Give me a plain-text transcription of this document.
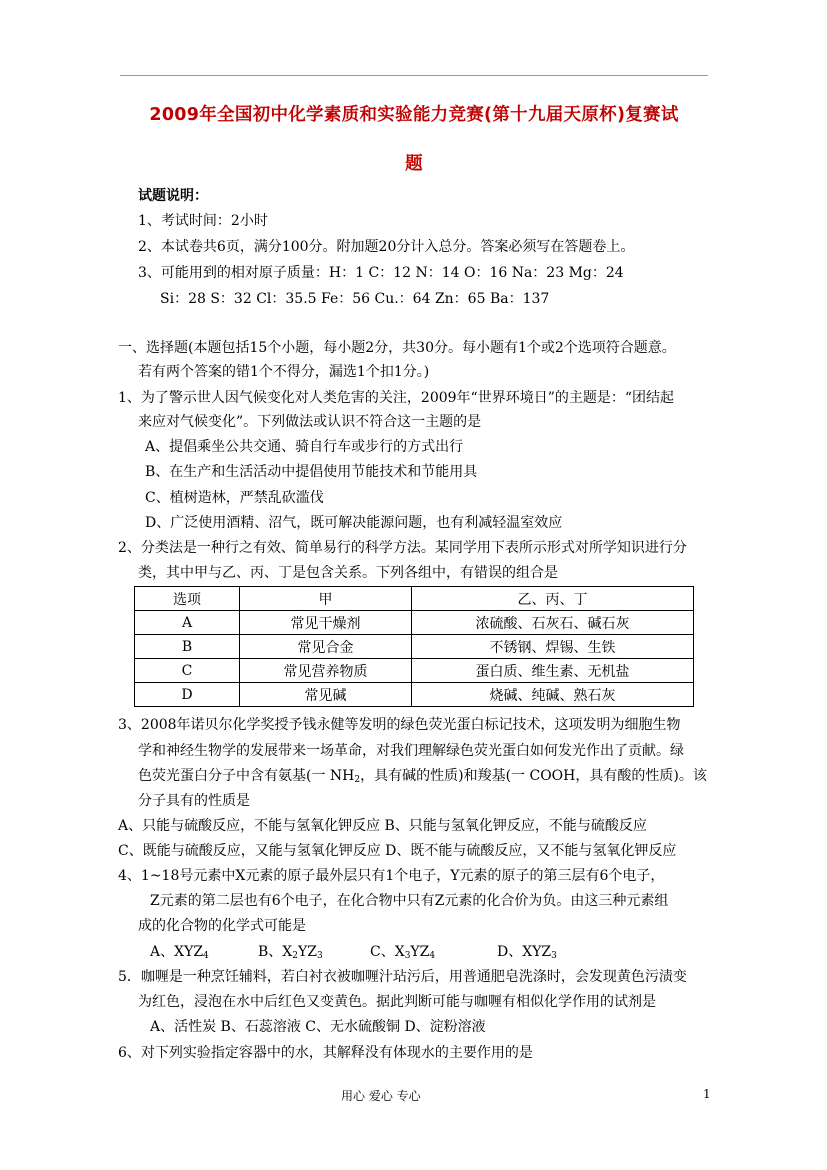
2009年全国初中化学素质和实验能力竞赛(第十九届天原杯)复赛试
题
试题说明：
1、考试时间：2小时
2、本试卷共6页，满分100分。附加题20分计入总分。答案必须写在答题卷上。
3、可能用到的相对原子质量：H：1 C：12 N：14 O：16 Na：23 Mg：24
Si：28 S：32 Cl：35.5 Fe：56 Cu.：64 Zn：65 Ba：137
一、选择题(本题包括15个小题，每小题2分，共30分。每小题有1个或2个选项符合题意。
若有两个答案的错1个不得分，漏选1个扣1分。)
1、为了警示世人因气候变化对人类危害的关注，2009年“世界环境日”的主题是：“团结起
来应对气候变化”。下列做法或认识不符合这一主题的是
A、提倡乘坐公共交通、骑自行车或步行的方式出行
B、在生产和生活活动中提倡使用节能技术和节能用具
C、植树造林，严禁乱砍滥伐
D、广泛使用酒精、沼气，既可解决能源问题，也有利减轻温室效应
2、分类法是一种行之有效、简单易行的科学方法。某同学用下表所示形式对所学知识进行分
类，其中甲与乙、丙、丁是包含关系。下列各组中，有错误的组合是
选项	甲	乙、丙、丁
A	常见干燥剂	浓硫酸、石灰石、碱石灰
B	常见合金	不锈钢、焊锡、生铁
C	常见营养物质	蛋白质、维生素、无机盐
D	常见碱	烧碱、纯碱、熟石灰
3、2008年诺贝尔化学奖授予钱永健等发明的绿色荧光蛋白标记技术，这项发明为细胞生物
学和神经生物学的发展带来一场革命，对我们理解绿色荧光蛋白如何发光作出了贡献。绿
色荧光蛋白分子中含有氨基(一 $NH_2$，具有碱的性质)和羧基(一 COOH，具有酸的性质)。该
分子具有的性质是
A、只能与硫酸反应，不能与氢氧化钾反应 B、只能与氢氧化钾反应，不能与硫酸反应
C、既能与硫酸反应，又能与氢氧化钾反应 D、既不能与硫酸反应，又不能与氢氧化钾反应
4、1~18号元素中X元素的原子最外层只有1个电子，Y元素的原子的第三层有6个电子，
Z元素的第二层也有6个电子，在化合物中只有Z元素的化合价为负。由这三种元素组
成的化合物的化学式可能是
A、$XYZ_4$	B、$X_2YZ_3$	C、$X_3YZ_4$	D、$XYZ_3$
5．咖喱是一种烹饪辅料，若白衬衣被咖喱汁玷污后，用普通肥皂洗涤时，会发现黄色污渍变
为红色，浸泡在水中后红色又变黄色。据此判断可能与咖喱有相似化学作用的试剂是
A、活性炭 B、石蕊溶液 C、无水硫酸铜 D、淀粉溶液
6、对下列实验指定容器中的水，其解释没有体现水的主要作用的是
用心 爱心 专心	1
